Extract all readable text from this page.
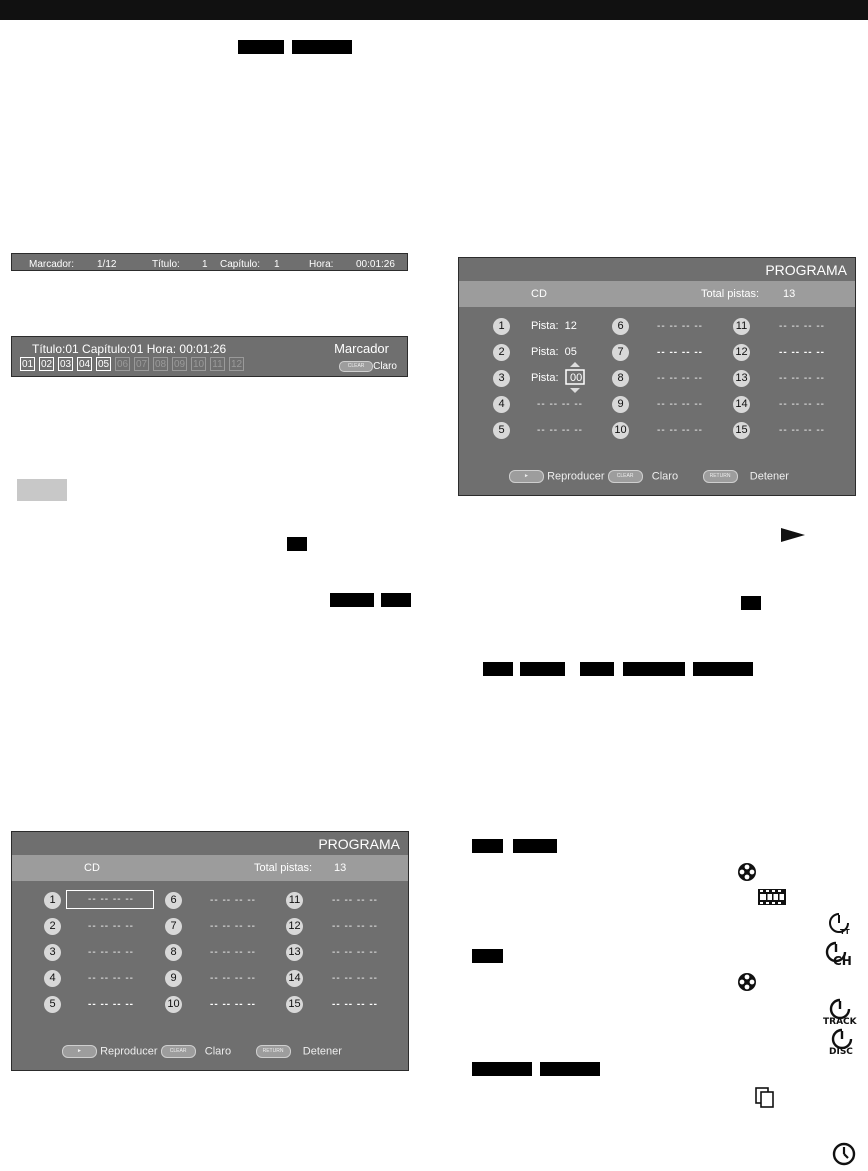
Marcador: 1/12	Título: 1 Capítulo: 1	Hora: 00:01:26
Título:01 Capítulo:01 Hora: 00:01:26	Marcador
01 02 03 04 05 06 07 08 09 10 11 12	CLEAR Claro
PROGRAMA
CD	Total pistas: 13
1	Pista: 12
2	Pista: 05
3	Pista: 00
4	-- -- -- --
5	-- -- -- --
6	-- -- -- --
7	-- -- -- --
8	-- -- -- --
9	-- -- -- --
10	-- -- -- --
11	-- -- -- --
12	-- -- -- --
13	-- -- -- --
14	-- -- -- --
15	-- -- -- --
► Reproducer CLEAR Claro	RETURN Detener
PROGRAMA
CD	Total pistas: 13
1	-- -- -- --
2	-- -- -- --
3	-- -- -- --
4	-- -- -- --
5	-- -- -- --
6	-- -- -- --
7	-- -- -- --
8	-- -- -- --
9	-- -- -- --
10	-- -- -- --
11	-- -- -- --
12	-- -- -- --
13	-- -- -- --
14	-- -- -- --
15	-- -- -- --
► Reproducer CLEAR Claro	RETURN Detener
TT
CH
TRACK
DISC
